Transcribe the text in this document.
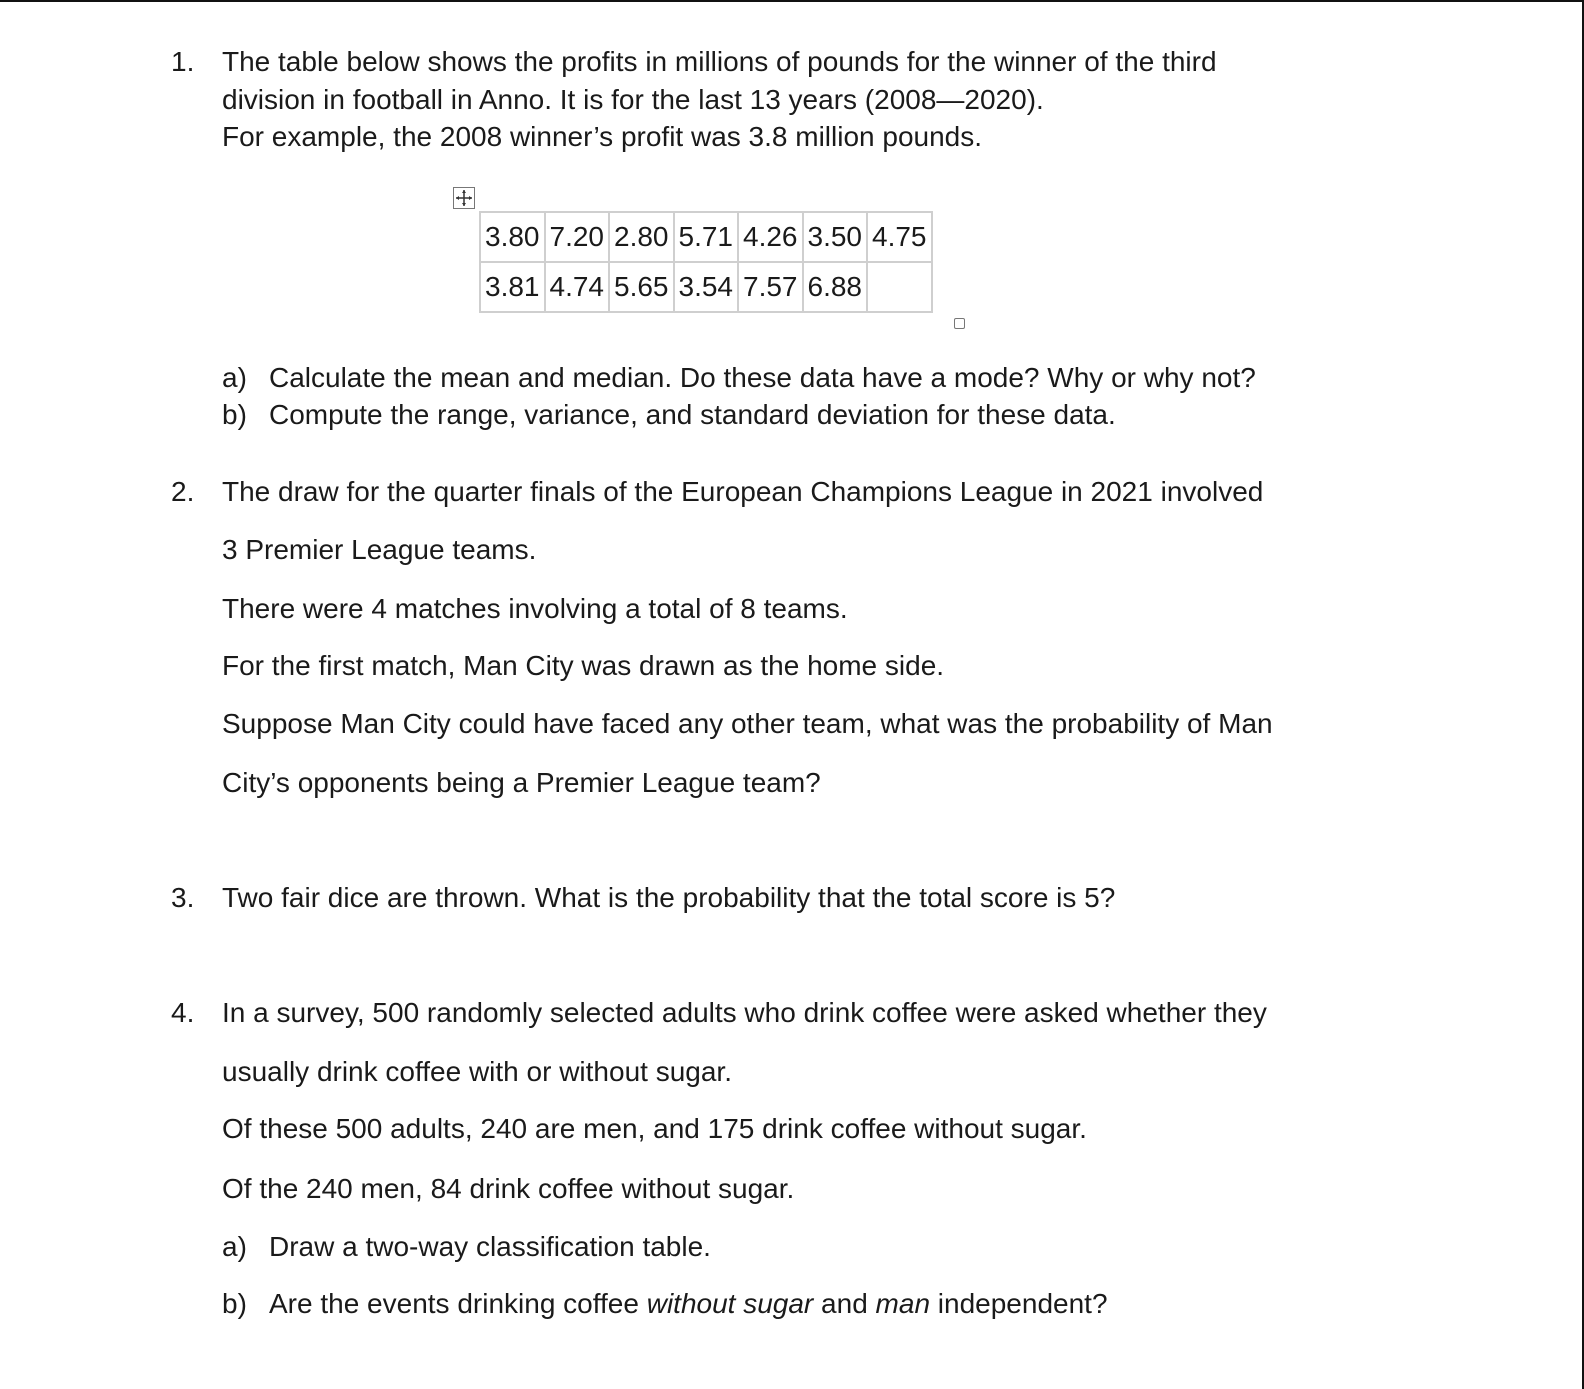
1. The table below shows the profits in millions of pounds for the winner of the third
division in football in Anno. It is for the last 13 years (2008—2020).
For example, the 2008 winner’s profit was 3.8 million pounds.
3.80	7.20	2.80	5.71	4.26	3.50	4.75
3.81	4.74	5.65	3.54	7.57	6.88	
a) Calculate the mean and median. Do these data have a mode? Why or why not?
b) Compute the range, variance, and standard deviation for these data.
2. The draw for the quarter finals of the European Champions League in 2021 involved
3 Premier League teams.
There were 4 matches involving a total of 8 teams.
For the first match, Man City was drawn as the home side.
Suppose Man City could have faced any other team, what was the probability of Man
City’s opponents being a Premier League team?
3. Two fair dice are thrown. What is the probability that the total score is 5?
4. In a survey, 500 randomly selected adults who drink coffee were asked whether they
usually drink coffee with or without sugar.
Of these 500 adults, 240 are men, and 175 drink coffee without sugar.
Of the 240 men, 84 drink coffee without sugar.
a) Draw a two-way classification table.
b) Are the events drinking coffee without sugar and man independent?
